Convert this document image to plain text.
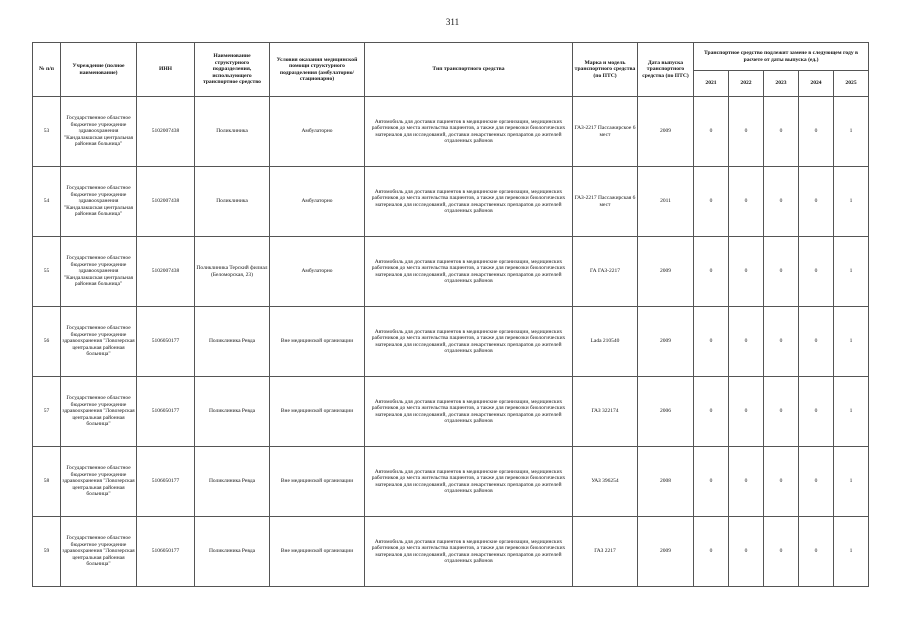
311
№ п/п	Учреждение (полное наименование)	ИНН	Наименование структурного подразделения, использующего транспортное средство	Условия оказания медицинской помощи структурного подразделения (амбулаторно/стационарно)	Тип транспортного средства	Марка и модель транспортного средства (по ПТС)	Дата выпуска транспортного средства (по ПТС)	Транспортное средство подлежит замене в следующем году в расчете от даты выпуска (ед.)				
								2021	2022	2023	2024	2025
53	Государственное областное бюджетное учреждение здравоохранения "Кандалакшская центральная районная больница"	5102007438	Поликлиника	Амбулаторно	Автомобиль для доставки пациентов в медицинские организации, медицинских работников до места жительства пациентов, а также для перевозки биологических материалов для исследований, доставки лекарственных препаратов до жителей отдаленных районов	ГАЗ-2217 Пассажирское 6 мест	2009	0	0	0	0	1
54	Государственное областное бюджетное учреждение здравоохранения "Кандалакшская центральная районная больница"	5102007438	Поликлиника	Амбулаторно	Автомобиль для доставки пациентов в медицинские организации, медицинских работников до места жительства пациентов, а также для перевозки биологических материалов для исследований, доставки лекарственных препаратов до жителей отдаленных районов	ГАЗ-2217 Пассажирская 6 мест	2011	0	0	0	0	1
55	Государственное областное бюджетное учреждение здравоохранения "Кандалакшская центральная районная больница"	5102007438	Поликлиника Терский филиал (Беломорская, 23)	Амбулаторно	Автомобиль для доставки пациентов в медицинские организации, медицинских работников до места жительства пациентов, а также для перевозки биологических материалов для исследований, доставки лекарственных препаратов до жителей отдаленных районов	ГА ГАЗ-2217	2009	0	0	0	0	1
56	Государственное областное бюджетное учреждение здравоохранения "Ловозерская центральная районная больница"	5106050177	Поликлиника Ревда	Вне медицинской организации	Автомобиль для доставки пациентов в медицинские организации, медицинских работников до места жительства пациентов, а также для перевозки биологических материалов для исследований, доставки лекарственных препаратов до жителей отдаленных районов	Lada 210540	2009	0	0	0	0	1
57	Государственное областное бюджетное учреждение здравоохранения "Ловозерская центральная районная больница"	5106050177	Поликлиника Ревда	Вне медицинской организации	Автомобиль для доставки пациентов в медицинские организации, медицинских работников до места жительства пациентов, а также для перевозки биологических материалов для исследований, доставки лекарственных препаратов до жителей отдаленных районов	ГАЗ 322174	2006	0	0	0	0	1
58	Государственное областное бюджетное учреждение здравоохранения "Ловозерская центральная районная больница"	5106050177	Поликлиника Ревда	Вне медицинской организации	Автомобиль для доставки пациентов в медицинские организации, медицинских работников до места жительства пациентов, а также для перевозки биологических материалов для исследований, доставки лекарственных препаратов до жителей отдаленных районов	УАЗ 396254	2008	0	0	0	0	1
59	Государственное областное бюджетное учреждение здравоохранения "Ловозерская центральная районная больница"	5106050177	Поликлиника Ревда	Вне медицинской организации	Автомобиль для доставки пациентов в медицинские организации, медицинских работников до места жительства пациентов, а также для перевозки биологических материалов для исследований, доставки лекарственных препаратов до жителей отдаленных районов	ГАЗ 2217	2009	0	0	0	0	1
